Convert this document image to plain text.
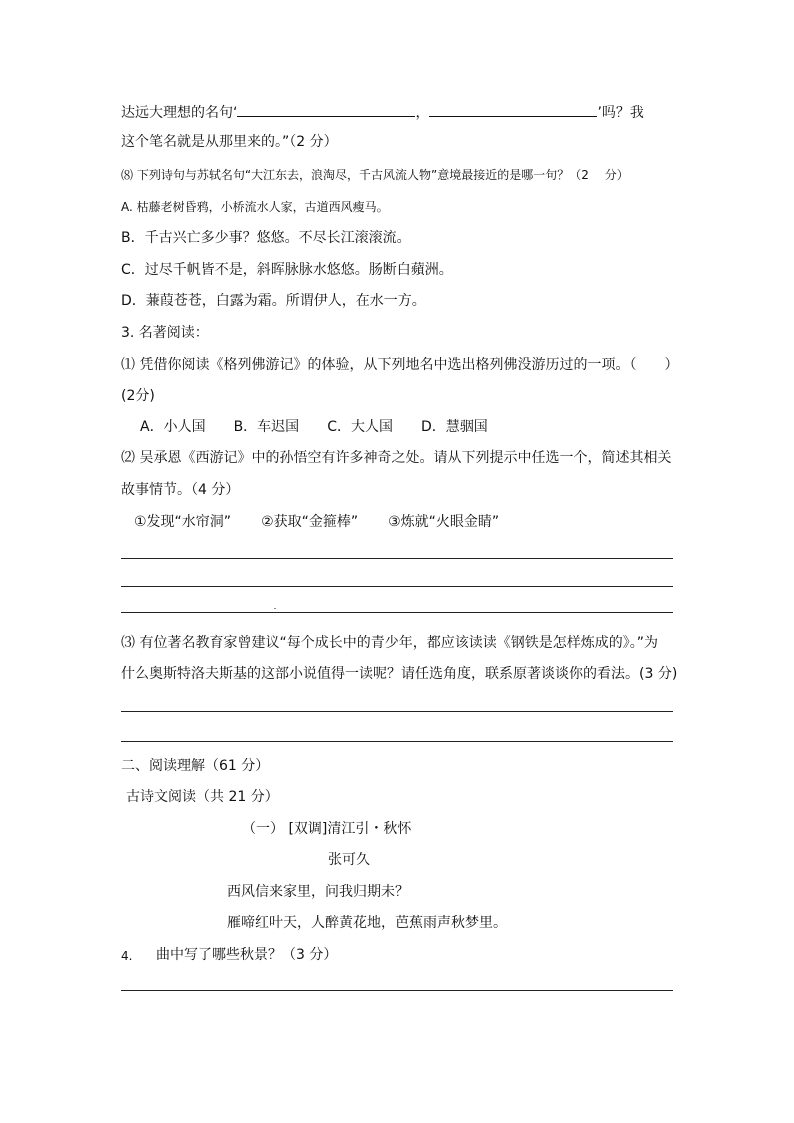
达远大理想的名句‘	，	’吗？我
这个笔名就是从那里来的。”（2 分）
⑻ 下列诗句与苏轼名句“大江东去，浪淘尽，千古风流人物”意境最接近的是哪一句？（2　 分）
A. 枯藤老树昏鸦，小桥流水人家，古道西风瘦马。
B．千古兴亡多少事？悠悠。不尽长江滚滚流。
C．过尽千帆皆不是，斜晖脉脉水悠悠。肠断白蘋洲。
D．蒹葭苍苍，白露为霜。所谓伊人，在水一方。
3. 名著阅读：
⑴ 凭借你阅读《格列佛游记》的体验，从下列地名中选出格列佛没游历过的一项。（　　）
(2分)
A．小人国 B．车迟国 C．大人国 D．慧骃国
⑵ 吴承恩《西游记》中的孙悟空有许多神奇之处。请从下列提示中任选一个，简述其相关
故事情节。（4 分）
①发现“水帘洞” ②获取“金箍棒” ③炼就“火眼金睛”
⑶ 有位著名教育家曾建议“每个成长中的青少年，都应该读读《钢铁是怎样炼成的》。”为
什么奥斯特洛夫斯基的这部小说值得一读呢？请任选角度，联系原著谈谈你的看法。(3 分)
二、阅读理解（61 分）
古诗文阅读（共 21 分）
（一） [双调]清江引・秋怀
张可久
西风信来家里，问我归期未？
雁啼红叶天，人醉黄花地，芭蕉雨声秋梦里。
4. 曲中写了哪些秋景？（3 分）
